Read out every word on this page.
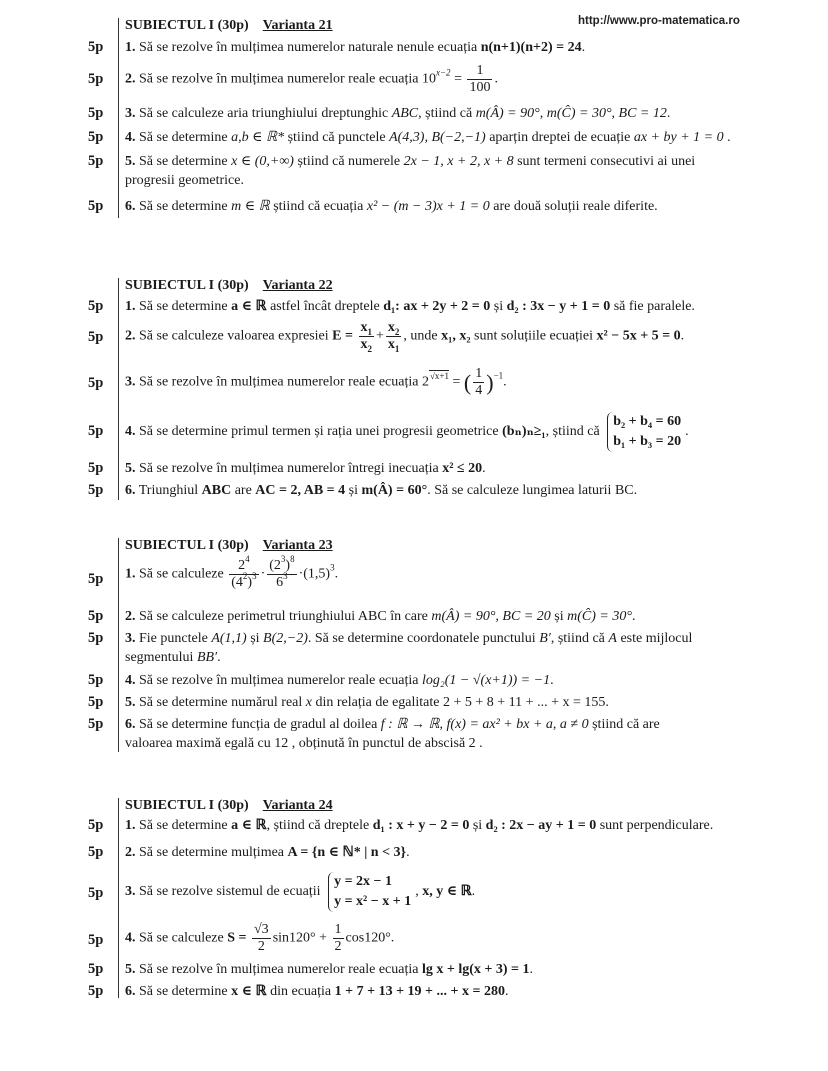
http://www.pro-matematica.ro
SUBIECTUL I (30p) Varianta 21
5p	1. Să se rezolve în mulțimea numerelor naturale nenule ecuația n(n+1)(n+2) = 24.
5p	2. Să se rezolve în mulțimea numerelor reale ecuația $10^{x-2} = \frac{1}{100}$ .
5p	3. Să se calculeze aria triunghiului dreptunghic ABC, știind că m(Â) = 90°, m(Ĉ) = 30°, BC = 12.
5p	4. Să se determine a,b ∈ ℝ* știind că punctele A(4,3), B(−2,−1) aparțin dreptei de ecuație ax + by + 1 = 0 .
5p	5. Să se determine x ∈ (0,+∞) știind că numerele 2x − 1, x + 2, x + 8 sunt termeni consecutivi ai unei
progresii geometrice.
5p	6. Să se determine m ∈ ℝ știind că ecuația x² − (m − 3)x + 1 = 0 are două soluții reale diferite.
SUBIECTUL I (30p) Varianta 22
5p	1. Să se determine a ∈ ℝ astfel încât dreptele d₁: ax + 2y + 2 = 0 și d₂ : 3x − y + 1 = 0 să fie paralele.
5p	2. Să se calculeze valoarea expresiei $E = \frac{x_1}{x_2} + \frac{x_2}{x_1}$ , unde x₁, x₂ sunt soluțiile ecuației x² − 5x + 5 = 0.
5p	3. Să se rezolve în mulțimea numerelor reale ecuația $2^{√x+1}$ = ( $\frac{1}{4} )^{-1}$.
5p	4. Să se determine primul termen și rația unei progresii geometrice (bₙ)ₙ≥₁, știind că
b₂ + b₄ = 60
b₁ + b₃ = 20
.
5p	5. Să se rezolve în mulțimea numerelor întregi inecuația x² ≤ 20.
5p	6. Triunghiul ABC are AC = 2, AB = 4 și m(Â) = 60°. Să se calculeze lungimea laturii BC.
SUBIECTUL I (30p) Varianta 23
5p	1. Să se calculeze $\frac{2^4}{(4^2)^3} \cdot \frac{(2^3)^8}{6^3} \cdot(1,5)^3$.
5p	2. Să se calculeze perimetrul triunghiului ABC în care m(Â) = 90°, BC = 20 și m(Ĉ) = 30°.
5p	3. Fie punctele A(1,1) și B(2,−2). Să se determine coordonatele punctului B′, știind că A este mijlocul
segmentului BB′.
5p	4. Să se rezolve în mulțimea numerelor reale ecuația log₂(1 − √(x+1)) = −1.
5p	5. Să se determine numărul real x din relația de egalitate 2 + 5 + 8 + 11 + ... + x = 155.
5p	6. Să se determine funcția de gradul al doilea f : ℝ → ℝ, f(x) = ax² + bx + a, a ≠ 0 știind că are
valoarea maximă egală cu 12 , obținută în punctul de abscisă 2 .
SUBIECTUL I (30p) Varianta 24
5p	1. Să se determine a ∈ ℝ, știind că dreptele d₁ : x + y − 2 = 0 și d₂ : 2x − ay + 1 = 0 sunt perpendiculare.
5p	2. Să se determine mulțimea A = {n ∈ ℕ* | n < 3}.
5p	3. Să se rezolve sistemul de ecuații
y = 2x − 1
y = x² − x + 1
, x, y ∈ ℝ.
5p	4. Să se calculeze $S = \frac{√3}{2} \sin 120^\circ + \frac{1}{2} \cos 120^\circ$.
5p	5. Să se rezolve în mulțimea numerelor reale ecuația lg x + lg(x + 3) = 1.
5p	6. Să se determine x ∈ ℝ din ecuația 1 + 7 + 13 + 19 + ... + x = 280.
